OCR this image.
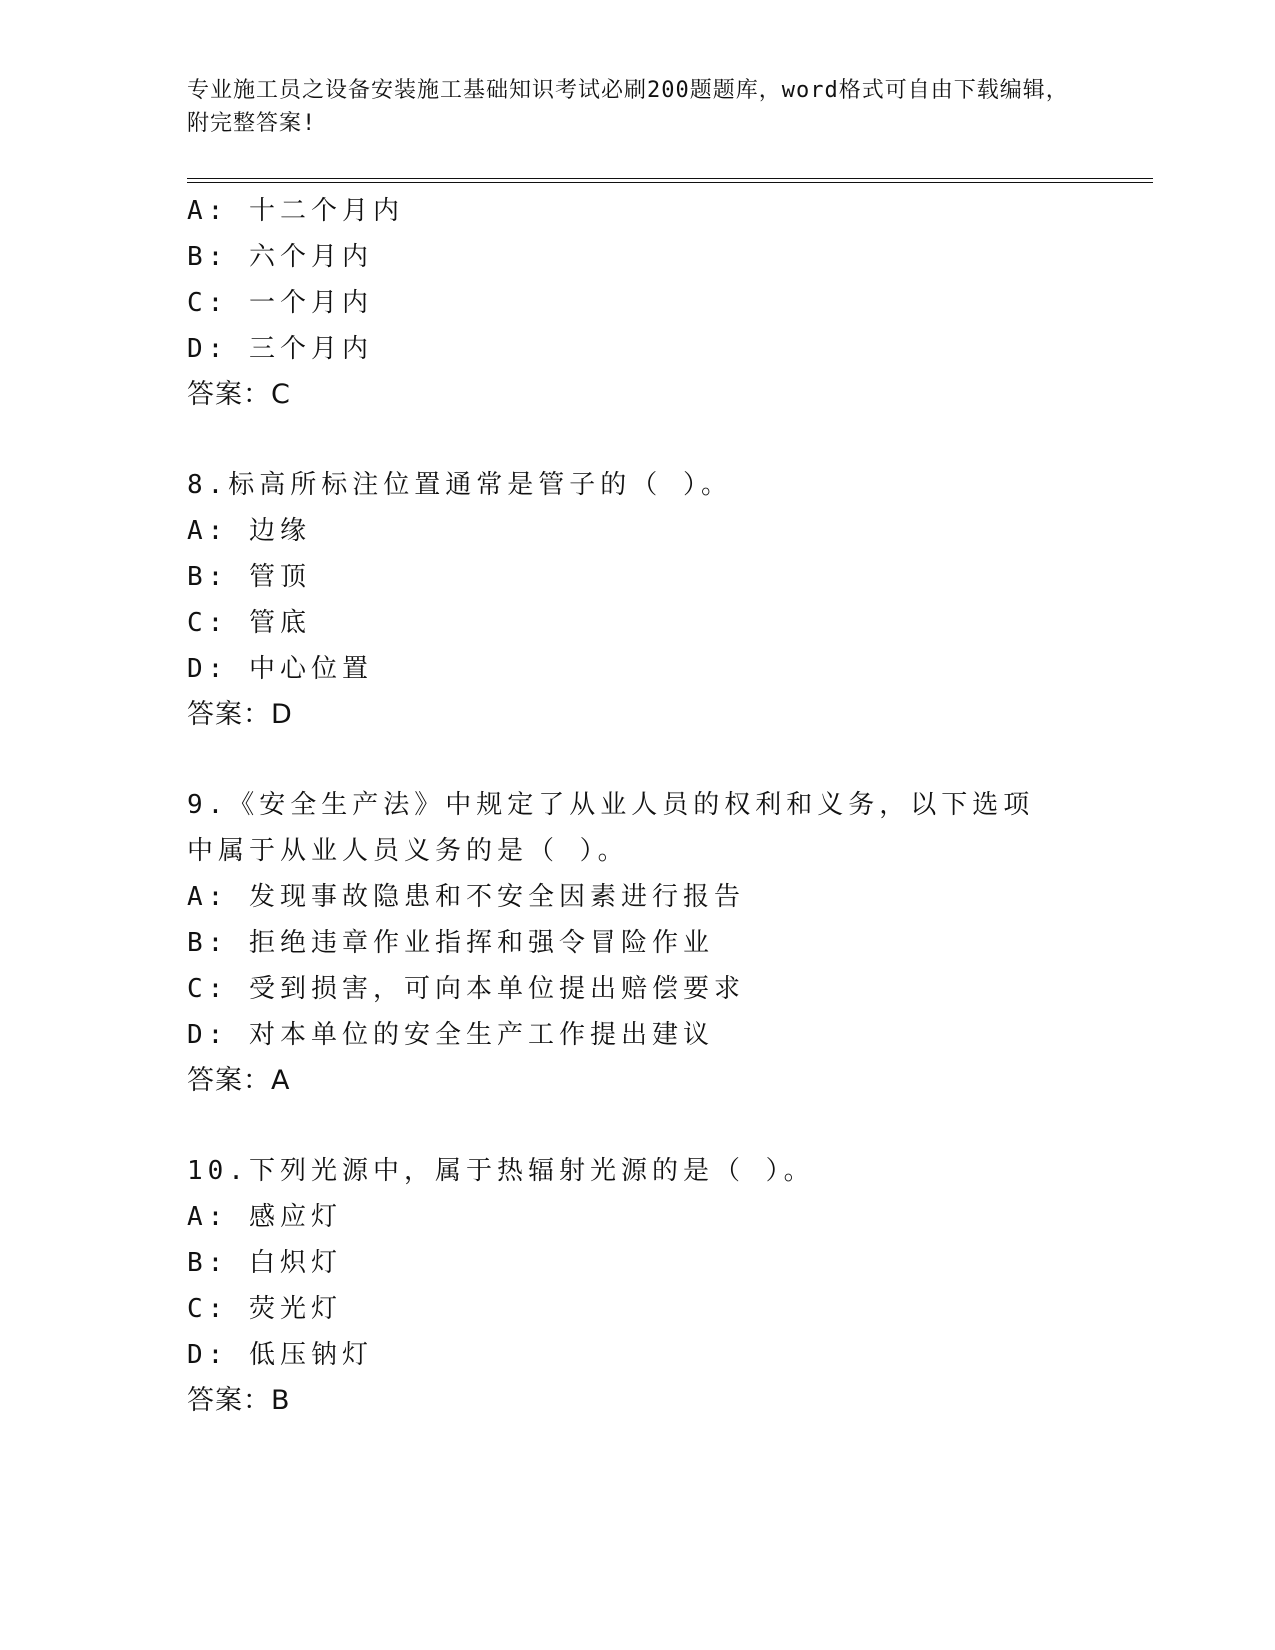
专业施工员之设备安装施工基础知识考试必刷200题题库，word格式可自由下载编辑，附完整答案!
A: 十二个月内
B: 六个月内
C: 一个月内
D: 三个月内
答案：C
8.标高所标注位置通常是管子的（ ）。
A: 边缘
B: 管顶
C: 管底
D: 中心位置
答案：D
9.《安全生产法》中规定了从业人员的权利和义务，以下选项中属于从业人员义务的是（ ）。
A: 发现事故隐患和不安全因素进行报告
B: 拒绝违章作业指挥和强令冒险作业
C: 受到损害，可向本单位提出赔偿要求
D: 对本单位的安全生产工作提出建议
答案：A
10.下列光源中，属于热辐射光源的是（ ）。
A: 感应灯
B: 白炽灯
C: 荧光灯
D: 低压钠灯
答案：B
